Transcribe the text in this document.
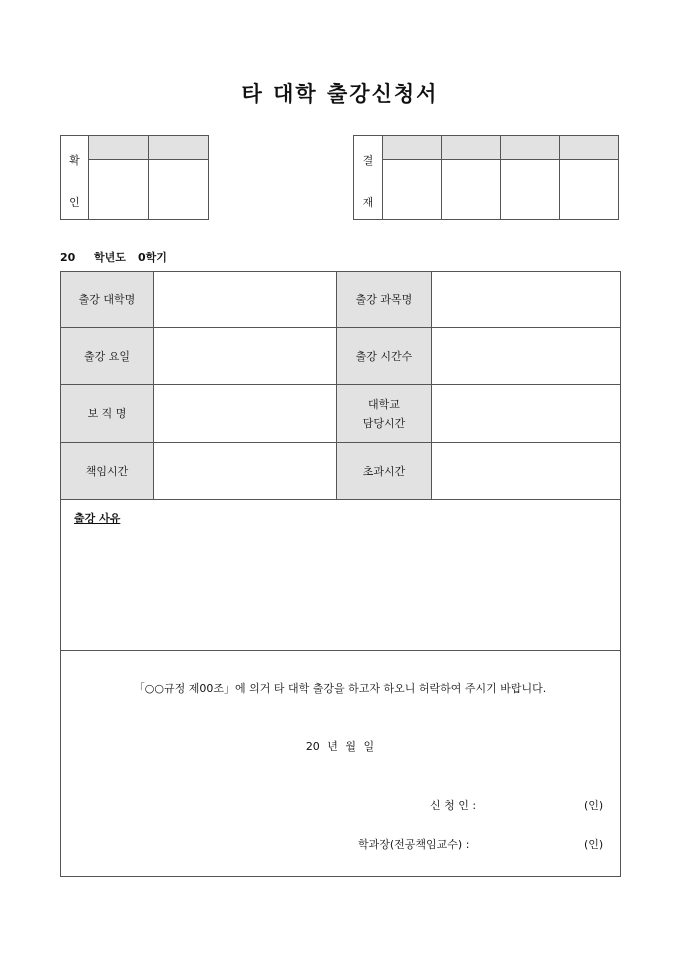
타 대학 출강신청서
확
인		

결
재				

20 학년도 0학기
출강 대학명		출강 과목명	
출강 요일		출강 시간수	
보 직 명		대학교
담당시간	

책임시간		초과시간	

출강 사유
「○○규정 제00조」에 의거 타 대학 출강을 하고자 하오니 허락하여 주시기 바랍니다.
20 년 월 일
신 청 인 :	(인)
학과장(전공책임교수) :	(인)
